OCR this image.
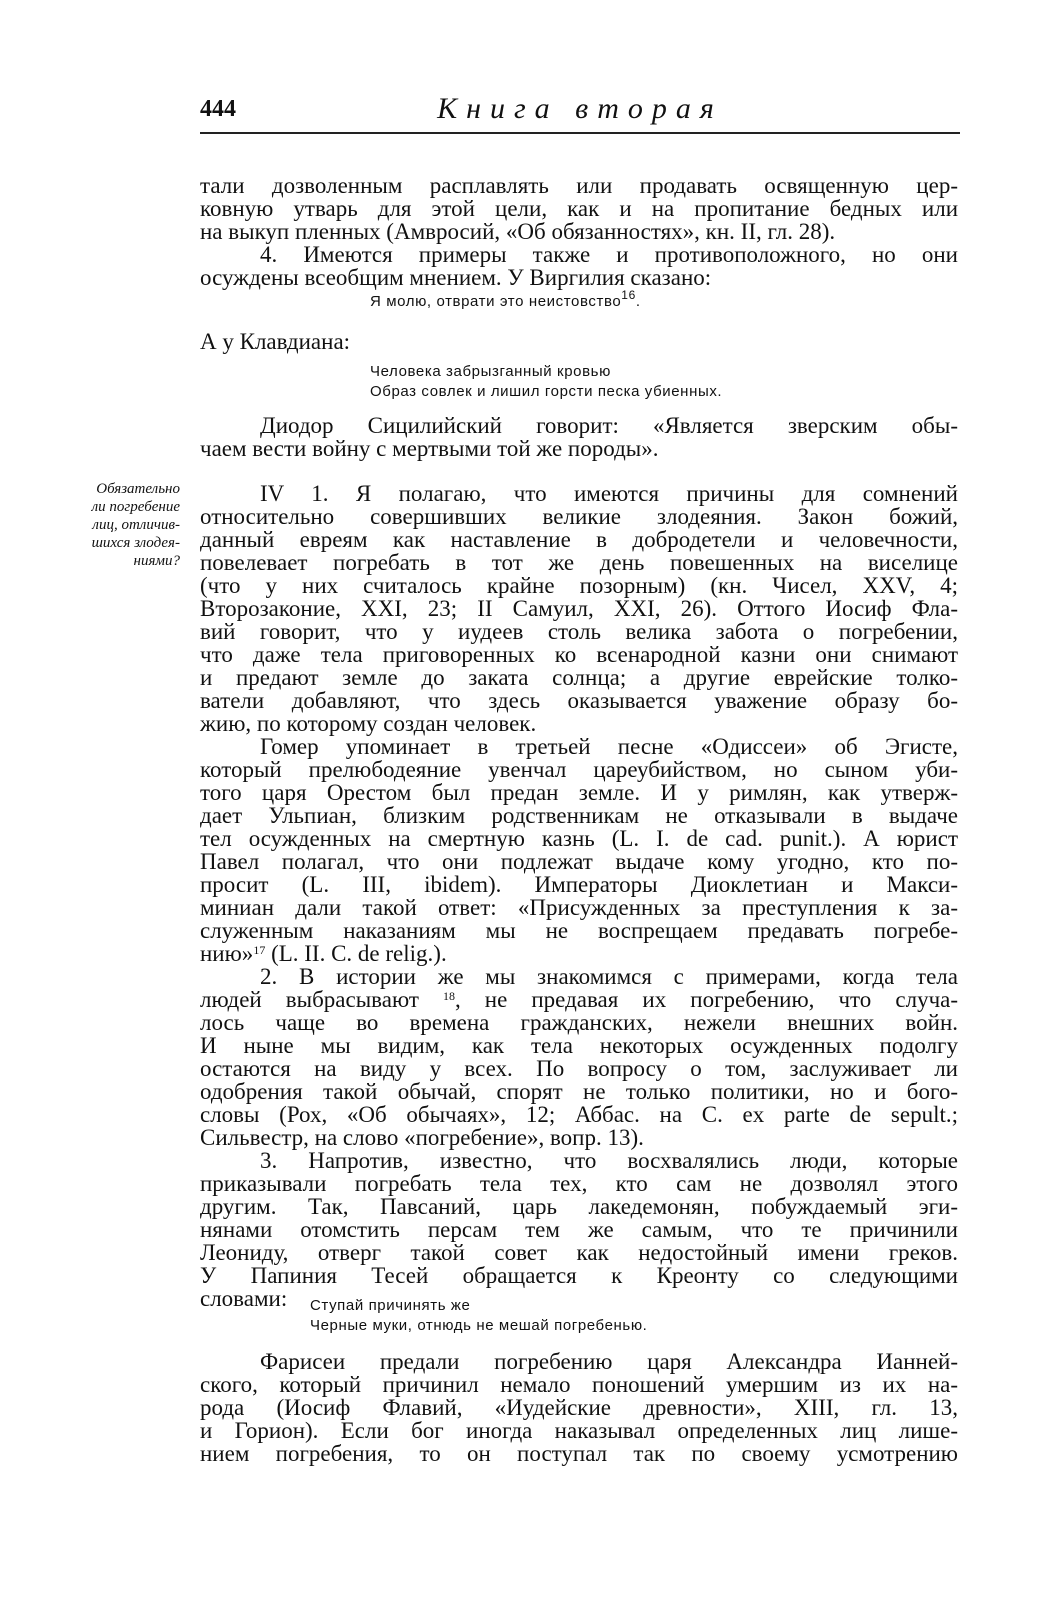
444	Книга вторая
Обязательно
ли погребение
лиц, отличив-
шихся злодея-
ниями?
тали дозволенным расплавлять или продавать освященную цер-
ковную утварь для этой цели, как и на пропитание бедных или
на выкуп пленных (Амвросий, «Об обязанностях», кн. II, гл. 28).
4. Имеются примеры также и противоположного, но они
осуждены всеобщим мнением. У Виргилия сказано:
Я молю, отврати это неистовство$^{16}$.
А у Клавдиана:
Человека забрызганный кровью
Образ совлек и лишил горсти песка убиенных.
Диодор Сицилийский говорит: «Является зверским обы-
чаем вести войну с мертвыми той же породы».
IV 1. Я полагаю, что имеются причины для сомнений
относительно совершивших великие злодеяния. Закон божий,
данный евреям как наставление в добродетели и человечности,
повелевает погребать в тот же день повешенных на виселице
(что у них считалось крайне позорным) (кн. Чисел, XXV, 4;
Второзаконие, XXI, 23; II Самуил, XXI, 26). Оттого Иосиф Фла-
вий говорит, что у иудеев столь велика забота о погребении,
что даже тела приговоренных ко всенародной казни они снимают
и предают земле до заката солнца; а другие еврейские толко-
ватели добавляют, что здесь оказывается уважение образу бо-
жию, по которому создан человек.
Гомер упоминает в третьей песне «Одиссеи» об Эгисте,
который прелюбодеяние увенчал цареубийством, но сыном уби-
того царя Орестом был предан земле. И у римлян, как утверж-
дает Ульпиан, близким родственникам не отказывали в выдаче
тел осужденных на смертную казнь (L. I. de cad. punit.). А юрист
Павел полагал, что они подлежат выдаче кому угодно, кто по-
просит (L. III, ibidem). Императоры Диоклетиан и Макси-
миниан дали такой ответ: «Присужденных за преступления к за-
служенным наказаниям мы не воспрещаем предавать погребе-
нию»$^{17}$ (L. II. C. de relig.).
2. В истории же мы знакомимся с примерами, когда тела
людей выбрасывают $^{18}$, не предавая их погребению, что случа-
лось чаще во времена гражданских, нежели внешних войн.
И ныне мы видим, как тела некоторых осужденных подолгу
остаются на виду у всех. По вопросу о том, заслуживает ли
одобрения такой обычай, спорят не только политики, но и бого-
словы (Рох, «Об обычаях», 12; Аббас. на C. ex parte de sepult.;
Сильвестр, на слово «погребение», вопр. 13).
3. Напротив, известно, что восхвалялись люди, которые
приказывали погребать тела тех, кто сам не дозволял этого
другим. Так, Павсаний, царь лакедемонян, побуждаемый эги-
нянами отомстить персам тем же самым, что те причинили
Леониду, отверг такой совет как недостойный имени греков.
У Папиния Тесей обращается к Креонту со следующими
словами:	Ступай причинять же
Черные муки, отнюдь не мешай погребенью.
Фарисеи предали погребению царя Александра Ианней-
ского, который причинил немало поношений умершим из их на-
рода (Иосиф Флавий, «Иудейские древности», XIII, гл. 13,
и Горион). Если бог иногда наказывал определенных лиц лише-
нием погребения, то он поступал так по своему усмотрению
